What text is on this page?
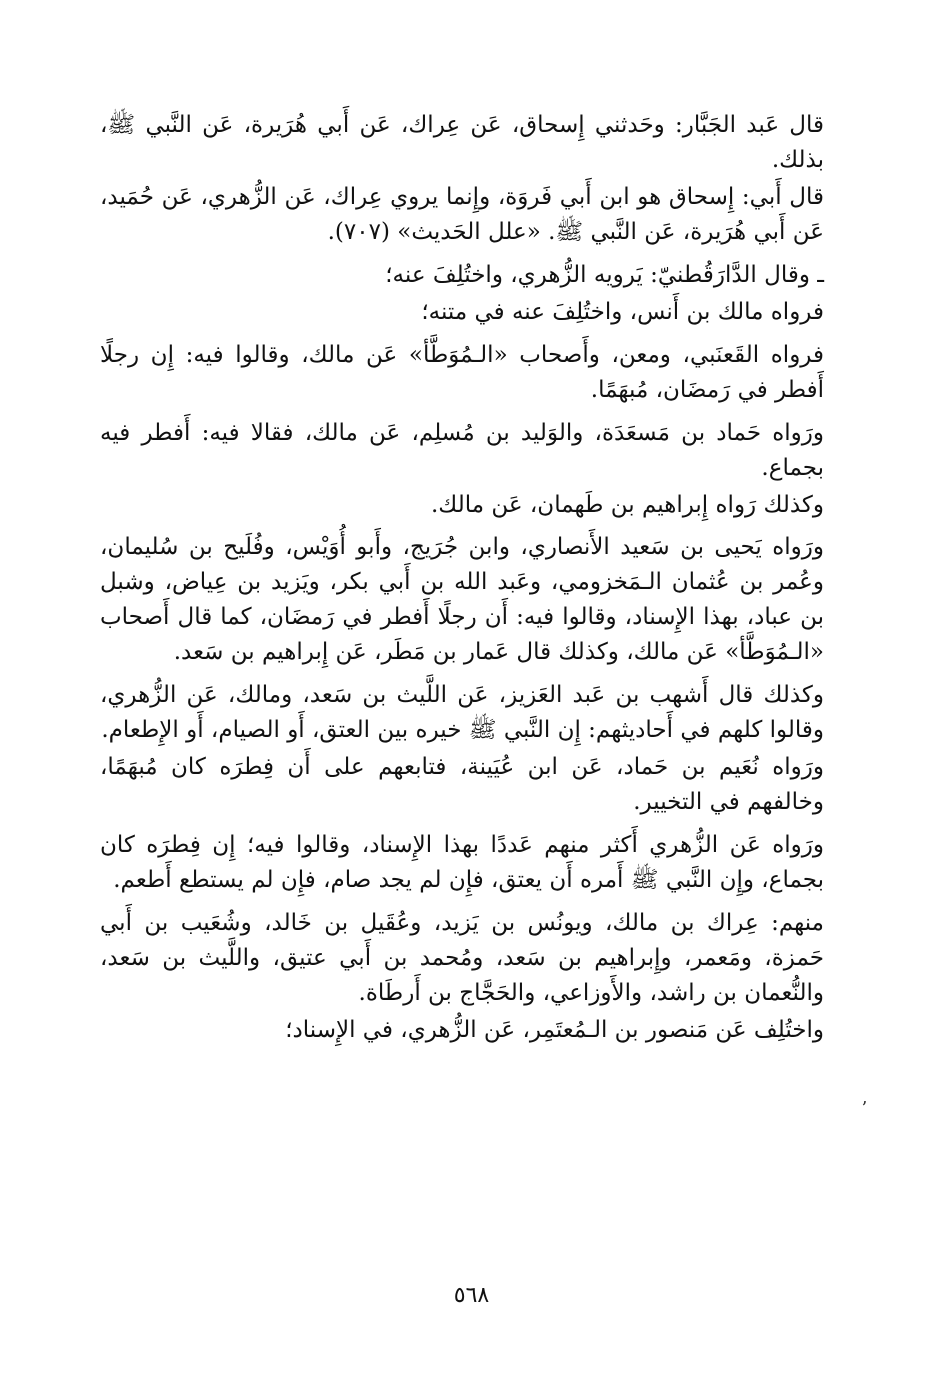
قال عَبد الجَبَّار: وحَدثني إِسحاق، عَن عِراك، عَن أَبي هُرَيرة، عَن النَّبي ﷺ، بذلك.

قال أَبي: إِسحاق هو ابن أَبي فَروَة، وإِنما يروي عِراك، عَن الزُّهري، عَن حُمَيد، عَن أَبي هُرَيرة، عَن النَّبي ﷺ. «علل الحَديث» (٧٠٧).

ـ وقال الدَّارَقُطنيّ: يَرويه الزُّهري، واختُلِفَ عنه؛

فرواه مالك بن أَنس، واختُلِفَ عنه في متنه؛

فرواه القَعنَبي، ومعن، وأَصحاب «الـمُوَطَّأ» عَن مالك، وقالوا فيه: إِن رجلًا أَفطر في رَمضَان، مُبهَمًا.

ورَواه حَماد بن مَسعَدَة، والوَليد بن مُسلِم، عَن مالك، فقالا فيه: أَفطر فيه بجماع.

وكذلك رَواه إِبراهيم بن طَهمان، عَن مالك.

ورَواه يَحيى بن سَعيد الأَنصاري، وابن جُرَيج، وأَبو أُوَيْس، وفُلَيح بن سُليمان، وعُمر بن عُثمان الـمَخزومي، وعَبد الله بن أَبي بكر، ويَزيد بن عِياض، وشبل بن عباد، بهذا الإِسناد، وقالوا فيه: أَن رجلًا أَفطر في رَمضَان، كما قال أَصحاب «الـمُوَطَّأ» عَن مالك، وكذلك قال عَمار بن مَطَر، عَن إِبراهيم بن سَعد.

وكذلك قال أَشهب بن عَبد العَزيز، عَن اللَّيث بن سَعد، ومالك، عَن الزُّهري، وقالوا كلهم في أَحاديثهم: إِن النَّبي ﷺ خيره بين العتق، أَو الصيام، أَو الإِطعام.

ورَواه نُعَيم بن حَماد، عَن ابن عُيَينة، فتابعهم على أَن فِطرَه كان مُبهَمًا، وخالفهم في التخيير.

ورَواه عَن الزُّهري أَكثر منهم عَددًا بهذا الإِسناد، وقالوا فيه؛ إِن فِطرَه كان بجماع، وإِن النَّبي ﷺ أَمره أَن يعتق، فإِن لم يجد صام، فإِن لم يستطع أَطعم.

منهم: عِراك بن مالك، ويونُس بن يَزيد، وعُقَيل بن خَالد، وشُعَيب بن أَبي حَمزة، ومَعمر، وإِبراهيم بن سَعد، ومُحمد بن أَبي عتيق، واللَّيث بن سَعد، والنُّعمان بن راشد، والأَوزاعي، والحَجَّاج بن أَرطَاة.

واختُلِف عَن مَنصور بن الـمُعتَمِر، عَن الزُّهري، في الإِسناد؛

ʼ
٥٦٨
